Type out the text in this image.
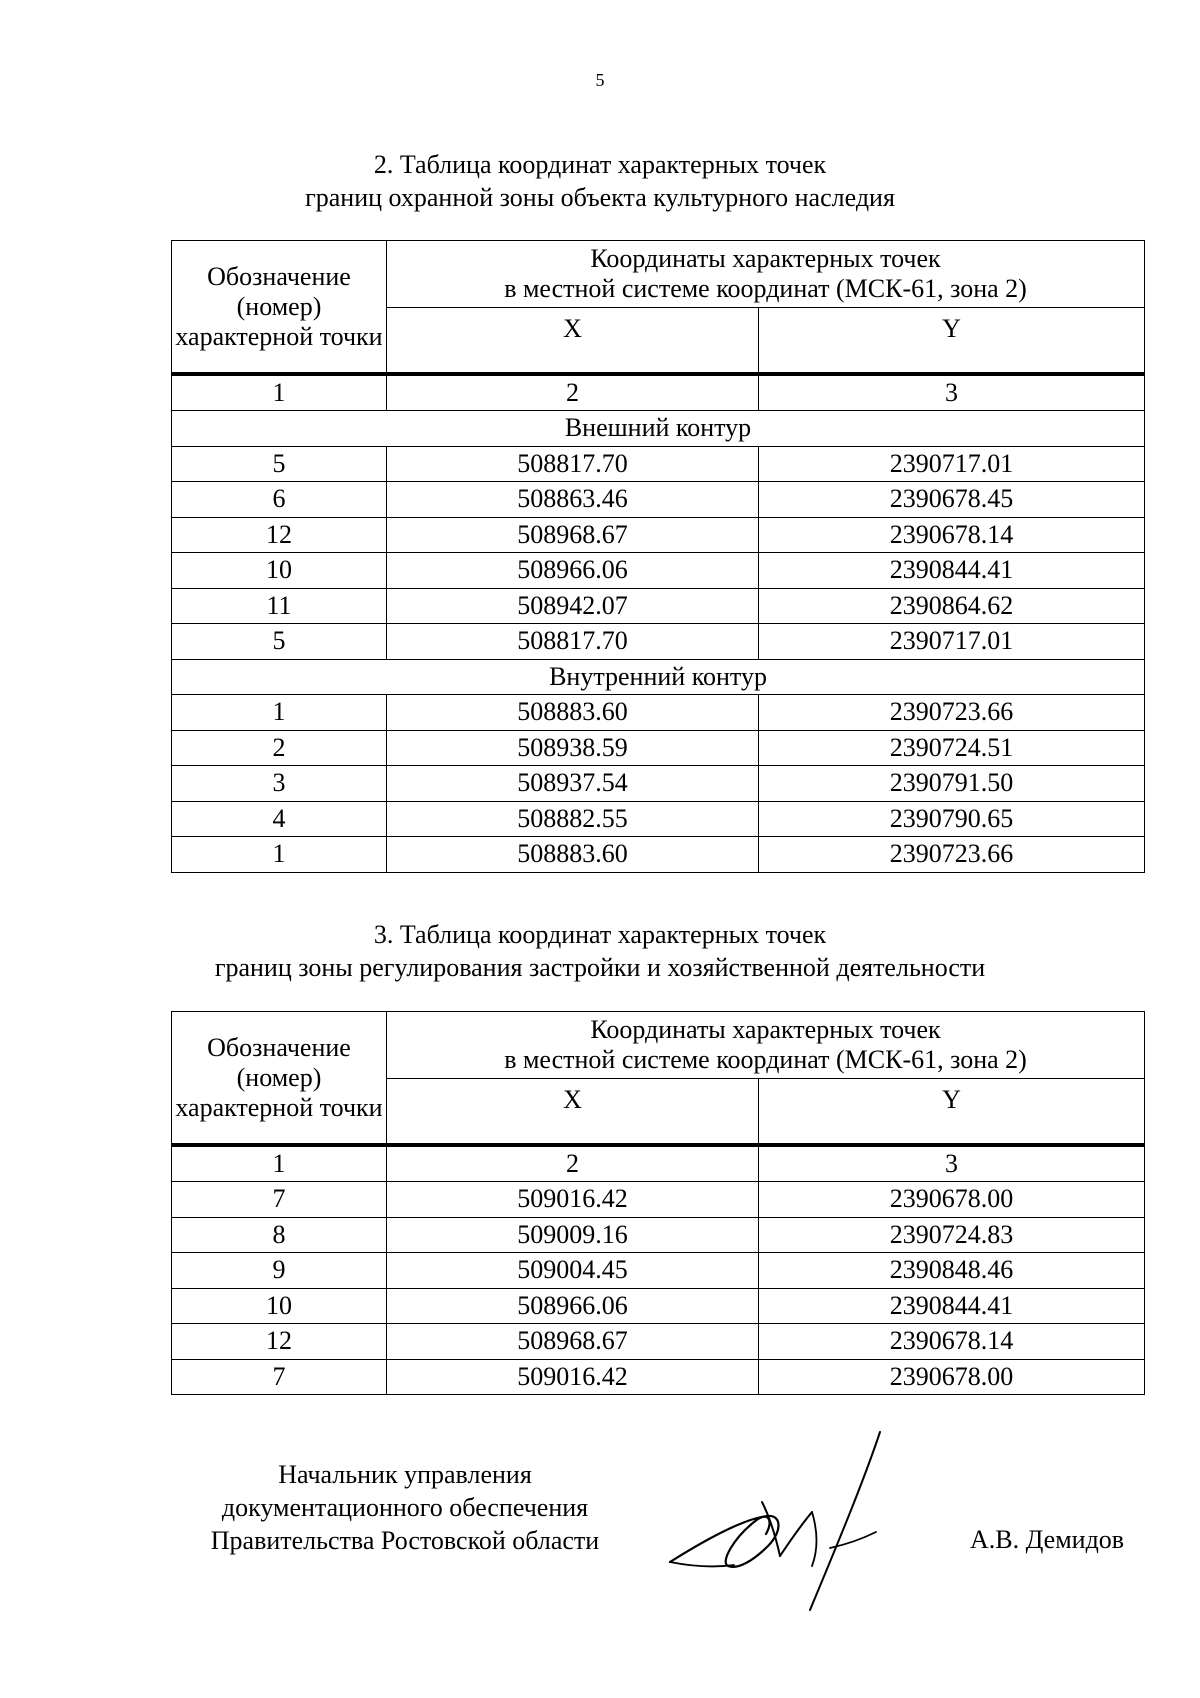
5
2. Таблица координат характерных точек
границ охранной зоны объекта культурного наследия
Обозначение (номер) характерной точки	Координаты характерных точек
в местной системе координат (МСК-61, зона 2)	

	X	Y
1	2	3
Внешний контур		
5	508817.70	2390717.01
6	508863.46	2390678.45
12	508968.67	2390678.14
10	508966.06	2390844.41
11	508942.07	2390864.62
5	508817.70	2390717.01
Внутренний контур		
1	508883.60	2390723.66
2	508938.59	2390724.51
3	508937.54	2390791.50
4	508882.55	2390790.65
1	508883.60	2390723.66
3. Таблица координат характерных точек
границ зоны регулирования застройки и хозяйственной деятельности
Обозначение (номер) характерной точки	Координаты характерных точек
в местной системе координат (МСК-61, зона 2)	

	X	Y
1	2	3
7	509016.42	2390678.00
8	509009.16	2390724.83
9	509004.45	2390848.46
10	508966.06	2390844.41
12	508968.67	2390678.14
7	509016.42	2390678.00
Начальник управления
документационного обеспечения
Правительства Ростовской области	А.В. Демидов
